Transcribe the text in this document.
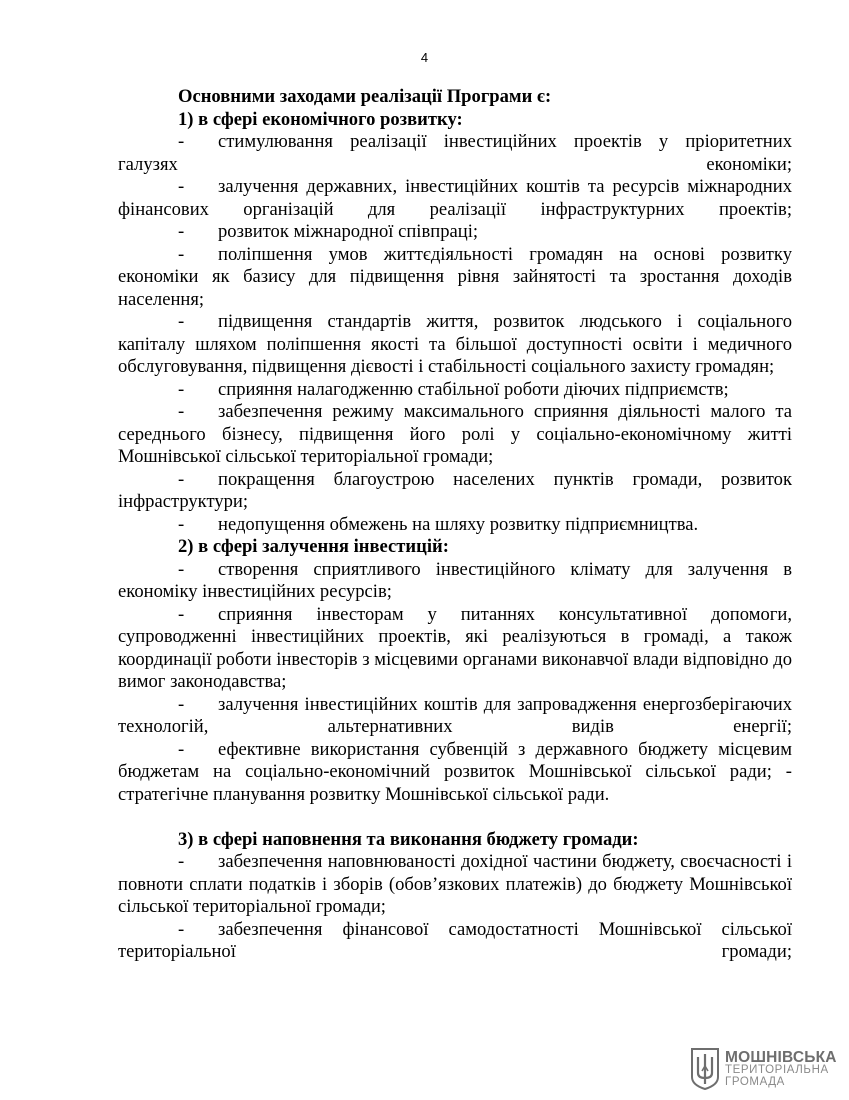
4
Основними заходами реалізації Програми є:
1) в сфері економічного розвитку:
- стимулювання реалізації інвестиційних проектів у пріоритетних галузях економіки;
- залучення державних, інвестиційних коштів та ресурсів міжнародних фінансових організацій для реалізації інфраструктурних проектів;
- розвиток міжнародної співпраці;
- поліпшення умов життєдіяльності громадян на основі розвитку економіки як базису для підвищення рівня зайнятості та зростання доходів населення;
- підвищення стандартів життя, розвиток людського і соціального капіталу шляхом поліпшення якості та більшої доступності освіти і медичного обслуговування, підвищення дієвості і стабільності соціального захисту громадян;
- сприяння налагодженню стабільної роботи діючих підприємств;
- забезпечення режиму максимального сприяння діяльності малого та середнього бізнесу, підвищення його ролі у соціально-економічному житті Мошнівської сільської територіальної громади;
- покращення благоустрою населених пунктів громади, розвиток інфраструктури;
- недопущення обмежень на шляху розвитку підприємництва.
2) в сфері залучення інвестицій:
- створення сприятливого інвестиційного клімату для залучення в економіку інвестиційних ресурсів;
- сприяння інвесторам у питаннях консультативної допомоги, супроводженні інвестиційних проектів, які реалізуються в громаді, а також координації роботи інвесторів з місцевими органами виконавчої влади відповідно до вимог законодавства;
- залучення інвестиційних коштів для запровадження енергозберігаючих технологій, альтернативних видів енергії;
- ефективне використання субвенцій з державного бюджету місцевим бюджетам на соціально-економічний розвиток Мошнівської сільської ради; - стратегічне планування розвитку Мошнівської сільської ради.
3) в сфері наповнення та виконання бюджету громади:
- забезпечення наповнюваності дохідної частини бюджету, своєчасності і повноти сплати податків і зборів (обов’язкових платежів) до бюджету Мошнівської сільської територіальної громади;
- забезпечення фінансової самодостатності Мошнівської сільської територіальної громади;
МОШНІВСЬКА
ТЕРИТОРІАЛЬНА
ГРОМАДА
